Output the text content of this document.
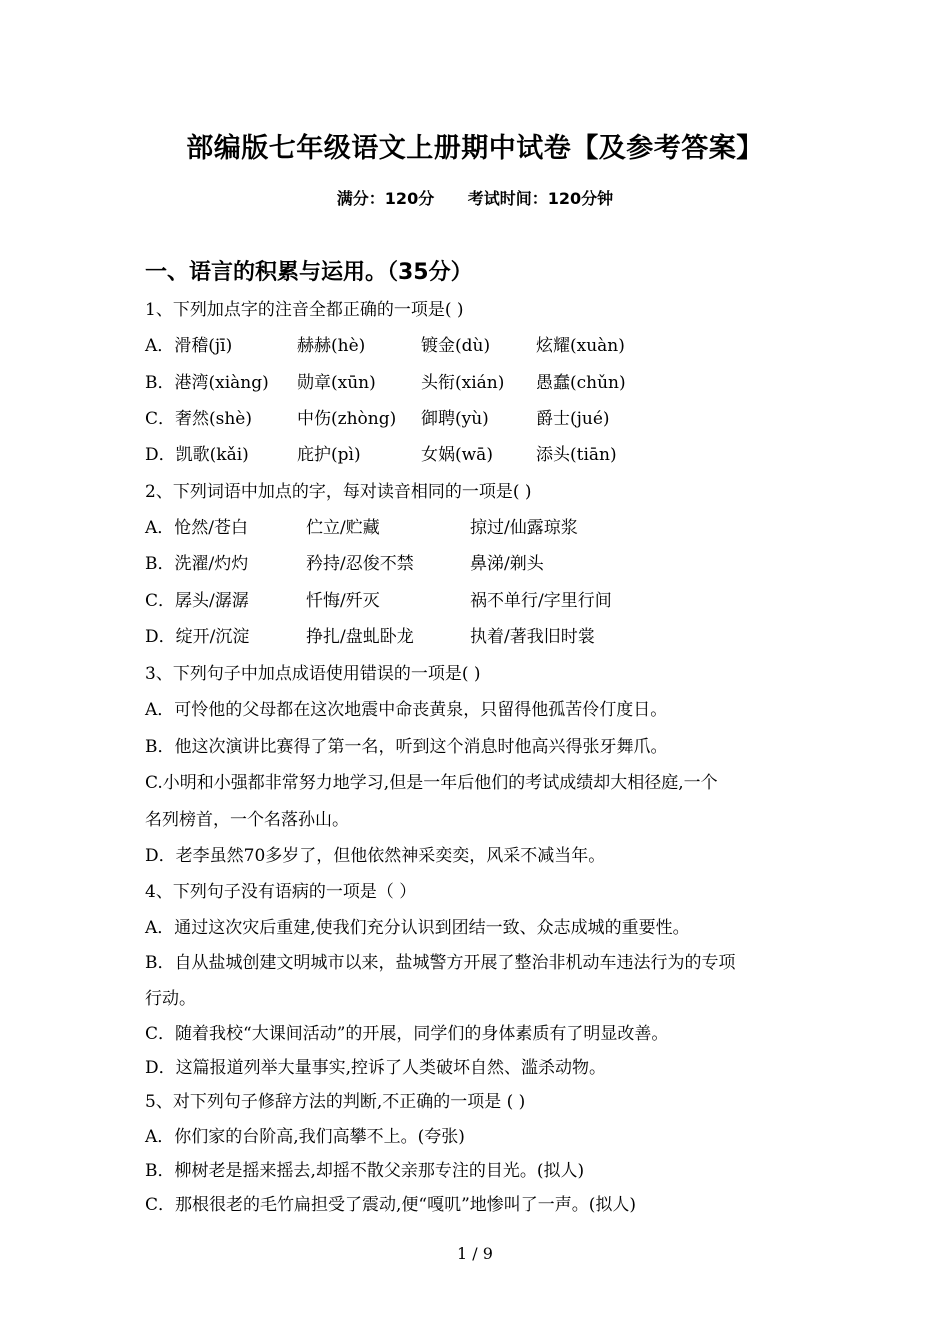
部编版七年级语文上册期中试卷【及参考答案】
满分：120分 考试时间：120分钟
一、语言的积累与运用。（35分）
1、下列加点字的注音全都正确的一项是( )
A．滑稽(jī)	赫赫(hè)	镀金(dù)	炫耀(xuàn)
B．港湾(xiàng) 勋章(xūn)	头衔(xián) 愚蠢(chǔn)
C．奢然(shè)	中伤(zhòng) 御聘(yù)	爵士(jué)
D．凯歌(kǎi)	庇护(pì)	女娲(wā)	添头(tiān)
2、下列词语中加点的字，每对读音相同的一项是( )
A．怆然/苍白	伫立/贮藏	掠过/仙露琼浆
B．洗濯/灼灼	矜持/忍俊不禁	鼻涕/剃头
C．孱头/潺潺	忏悔/歼灭	祸不单行/字里行间
D．绽开/沉淀	挣扎/盘虬卧龙	执着/著我旧时裳
3、下列句子中加点成语使用错误的一项是( )
A．可怜他的父母都在这次地震中命丧黄泉，只留得他孤苦伶仃度日。
B．他这次演讲比赛得了第一名，听到这个消息时他高兴得张牙舞爪。
C.小明和小强都非常努力地学习,但是一年后他们的考试成绩却大相径庭,一个
名列榜首，一个名落孙山。
D．老李虽然70多岁了，但他依然神采奕奕，风采不减当年。
4、下列句子没有语病的一项是（ ）
A．通过这次灾后重建,使我们充分认识到团结一致、众志成城的重要性。
B．自从盐城创建文明城市以来，盐城警方开展了整治非机动车违法行为的专项
行动。
C．随着我校“大课间活动”的开展，同学们的身体素质有了明显改善。
D．这篇报道列举大量事实,控诉了人类破坏自然、滥杀动物。
5、对下列句子修辞方法的判断,不正确的一项是 ( )
A．你们家的台阶高,我们高攀不上。(夸张)
B．柳树老是摇来摇去,却摇不散父亲那专注的目光。(拟人)
C．那根很老的毛竹扁担受了震动,便“嘎叽”地惨叫了一声。(拟人)
1 / 9
